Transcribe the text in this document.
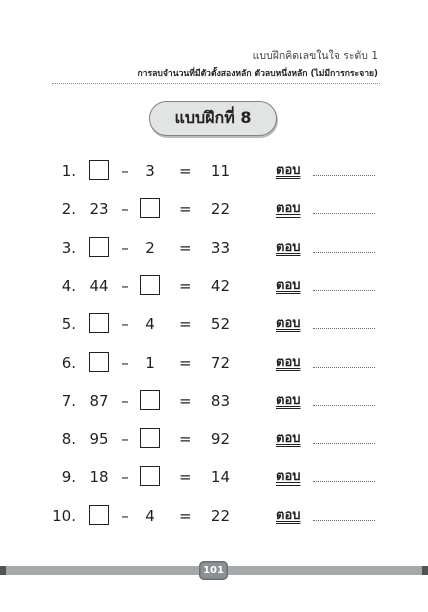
แบบฝึกคิดเลขในใจ ระดับ 1
การลบจำนวนที่มีตัวตั้งสองหลัก ตัวลบหนึ่งหลัก (ไม่มีการกระจาย)
แบบฝึกที่ 8
1.	–	3	=	11	ตอบ
2. 23 –	=	22	ตอบ
3.	–	2	=	33	ตอบ
4. 44 –	=	42	ตอบ
5.	–	4	=	52	ตอบ
6.	–	1	=	72	ตอบ
7. 87 –	=	83	ตอบ
8. 95 –	=	92	ตอบ
9. 18 –	=	14	ตอบ
10.	–	4	=	22	ตอบ
101
